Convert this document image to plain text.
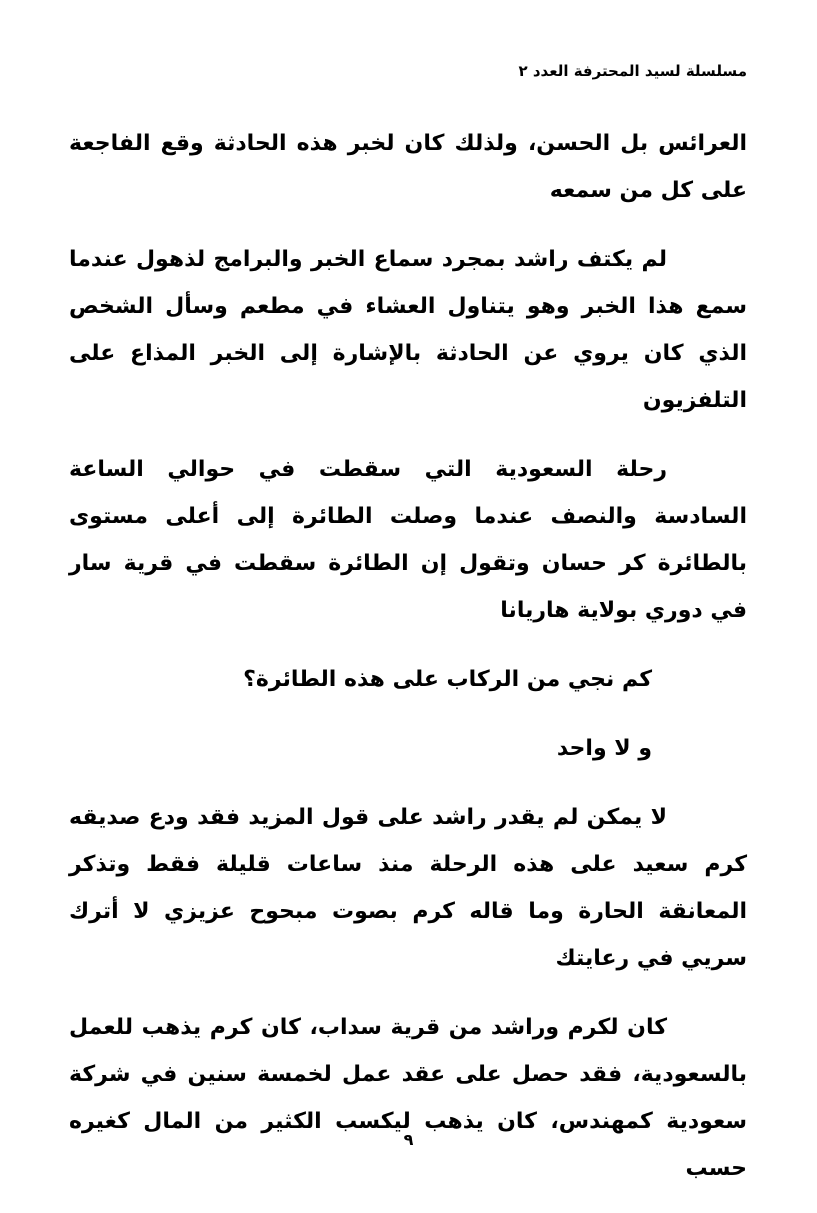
مسلسلة لسيد المحترفة العدد ٢

العرائس بل الحسن، ولذلك كان لخبر هذه الحادثة وقع الفاجعة على كل من سمعه

لم يكتف راشد بمجرد سماع الخبر والبرامج لذهول عندما سمع هذا الخبر وهو يتناول العشاء في مطعم وسأل الشخص الذي كان يروي عن الحادثة بالإشارة إلى الخبر المذاع على التلفزيون

رحلة السعودية التي سقطت في حوالي الساعة السادسة والنصف عندما وصلت الطائرة إلى أعلى مستوى بالطائرة كر حسان وتقول إن الطائرة سقطت في قرية سار في دوري بولاية هاريانا

كم نجي من الركاب على هذه الطائرة؟

و لا واحد

لا يمكن لم يقدر راشد على قول المزيد فقد ودع صديقه كرم سعيد على هذه الرحلة منذ ساعات قليلة فقط وتذكر المعانقة الحارة وما قاله كرم بصوت مبحوح عزيزي لا أترك سريي في رعايتك

كان لكرم وراشد من قرية سداب، كان كرم يذهب للعمل بالسعودية، فقد حصل على عقد عمل لخمسة سنين في شركة سعودية كمهندس، كان يذهب ليكسب الكثير من المال كغيره حسب

٩
